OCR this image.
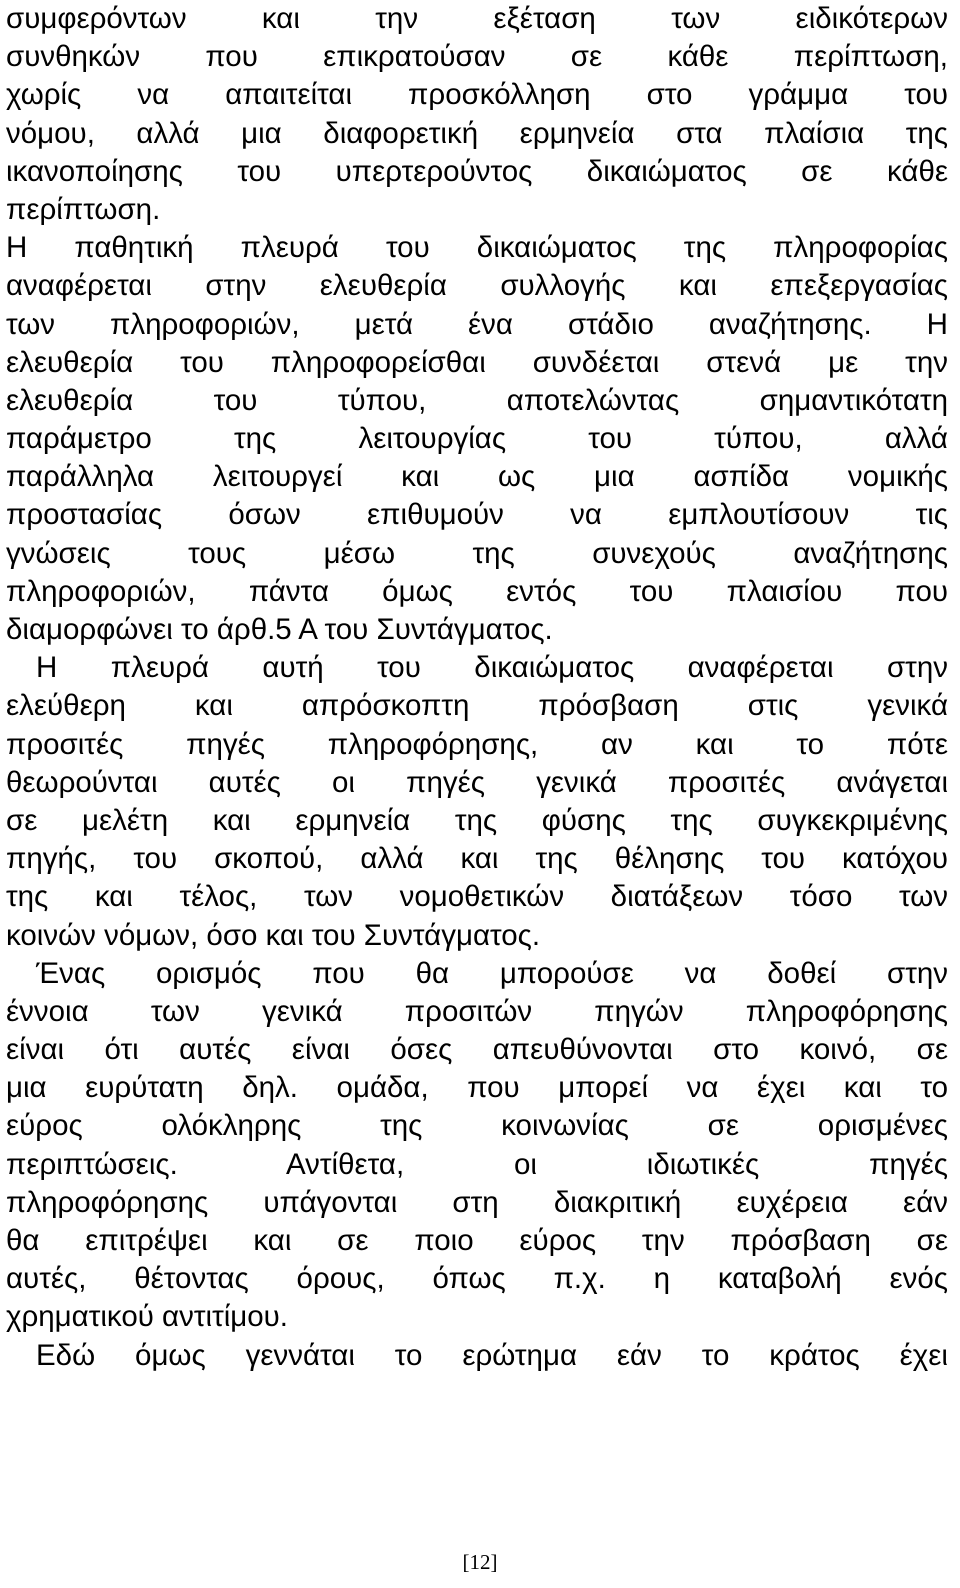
συμφερόντων και την εξέταση των ειδικότερων
συνθηκών που επικρατούσαν σε κάθε περίπτωση,
χωρίς να απαιτείται προσκόλληση στο γράμμα του
νόμου, αλλά μια διαφορετική ερμηνεία στα πλαίσια της
ικανοποίησης του υπερτερούντος δικαιώματος σε κάθε
περίπτωση.
Η παθητική πλευρά του δικαιώματος της πληροφορίας
αναφέρεται στην ελευθερία συλλογής και επεξεργασίας
των πληροφοριών, μετά ένα στάδιο αναζήτησης. Η
ελευθερία του πληροφορείσθαι συνδέεται στενά με την
ελευθερία του τύπου, αποτελώντας σημαντικότατη
παράμετρο της λειτουργίας του τύπου, αλλά
παράλληλα λειτουργεί και ως μια ασπίδα νομικής
προστασίας όσων επιθυμούν να εμπλουτίσουν τις
γνώσεις τους μέσω της συνεχούς αναζήτησης
πληροφοριών, πάντα όμως εντός του πλαισίου που
διαμορφώνει το άρθ.5 Α του Συντάγματος.
Η πλευρά αυτή του δικαιώματος αναφέρεται στην
ελεύθερη και απρόσκοπτη πρόσβαση στις γενικά
προσιτές πηγές πληροφόρησης, αν και το πότε
θεωρούνται αυτές οι πηγές γενικά προσιτές ανάγεται
σε μελέτη και ερμηνεία της φύσης της συγκεκριμένης
πηγής, του σκοπού, αλλά και της θέλησης του κατόχου
της και τέλος, των νομοθετικών διατάξεων τόσο των
κοινών νόμων, όσο και του Συντάγματος.
Ένας ορισμός που θα μπορούσε να δοθεί στην
έννοια των γενικά προσιτών πηγών πληροφόρησης
είναι ότι αυτές είναι όσες απευθύνονται στο κοινό, σε
μια ευρύτατη δηλ. ομάδα, που μπορεί να έχει και το
εύρος ολόκληρης της κοινωνίας σε ορισμένες
περιπτώσεις. Αντίθετα, οι ιδιωτικές πηγές
πληροφόρησης υπάγονται στη διακριτική ευχέρεια εάν
θα επιτρέψει και σε ποιο εύρος την πρόσβαση σε
αυτές, θέτοντας όρους, όπως π.χ. η καταβολή ενός
χρηματικού αντιτίμου.
Εδώ όμως γεννάται το ερώτημα εάν το κράτος έχει
[12]
